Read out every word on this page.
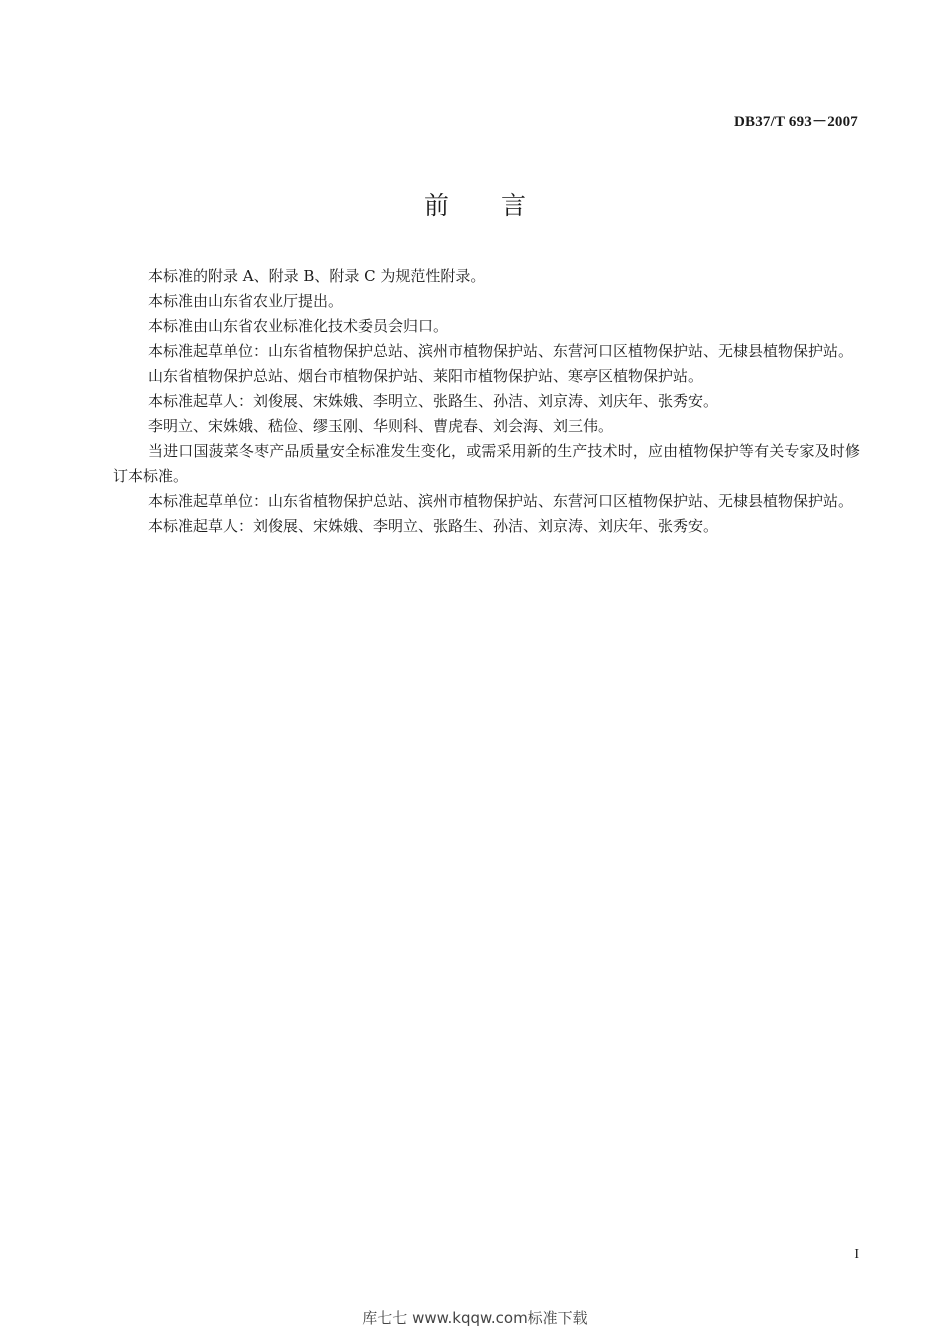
DB37/T 693－2007
前言

本标准的附录 A、附录 B、附录 C 为规范性附录。

本标准由山东省农业厅提出。

本标准由山东省农业标准化技术委员会归口。

本标准起草单位：山东省植物保护总站、滨州市植物保护站、东营河口区植物保护站、无棣县植物保护站。

山东省植物保护总站、烟台市植物保护站、莱阳市植物保护站、寒亭区植物保护站。

本标准起草人：刘俊展、宋姝娥、李明立、张路生、孙洁、刘京涛、刘庆年、张秀安。

李明立、宋姝娥、嵇俭、缪玉刚、华则科、曹虎春、刘会海、刘三伟。

当进口国菠菜冬枣产品质量安全标准发生变化，或需采用新的生产技术时，应由植物保护等有关专家及时修订本标准。

本标准起草单位：山东省植物保护总站、滨州市植物保护站、东营河口区植物保护站、无棣县植物保护站。

本标准起草人：刘俊展、宋姝娥、李明立、张路生、孙洁、刘京涛、刘庆年、张秀安。

I
库七七 www.kqqw.com标准下载
